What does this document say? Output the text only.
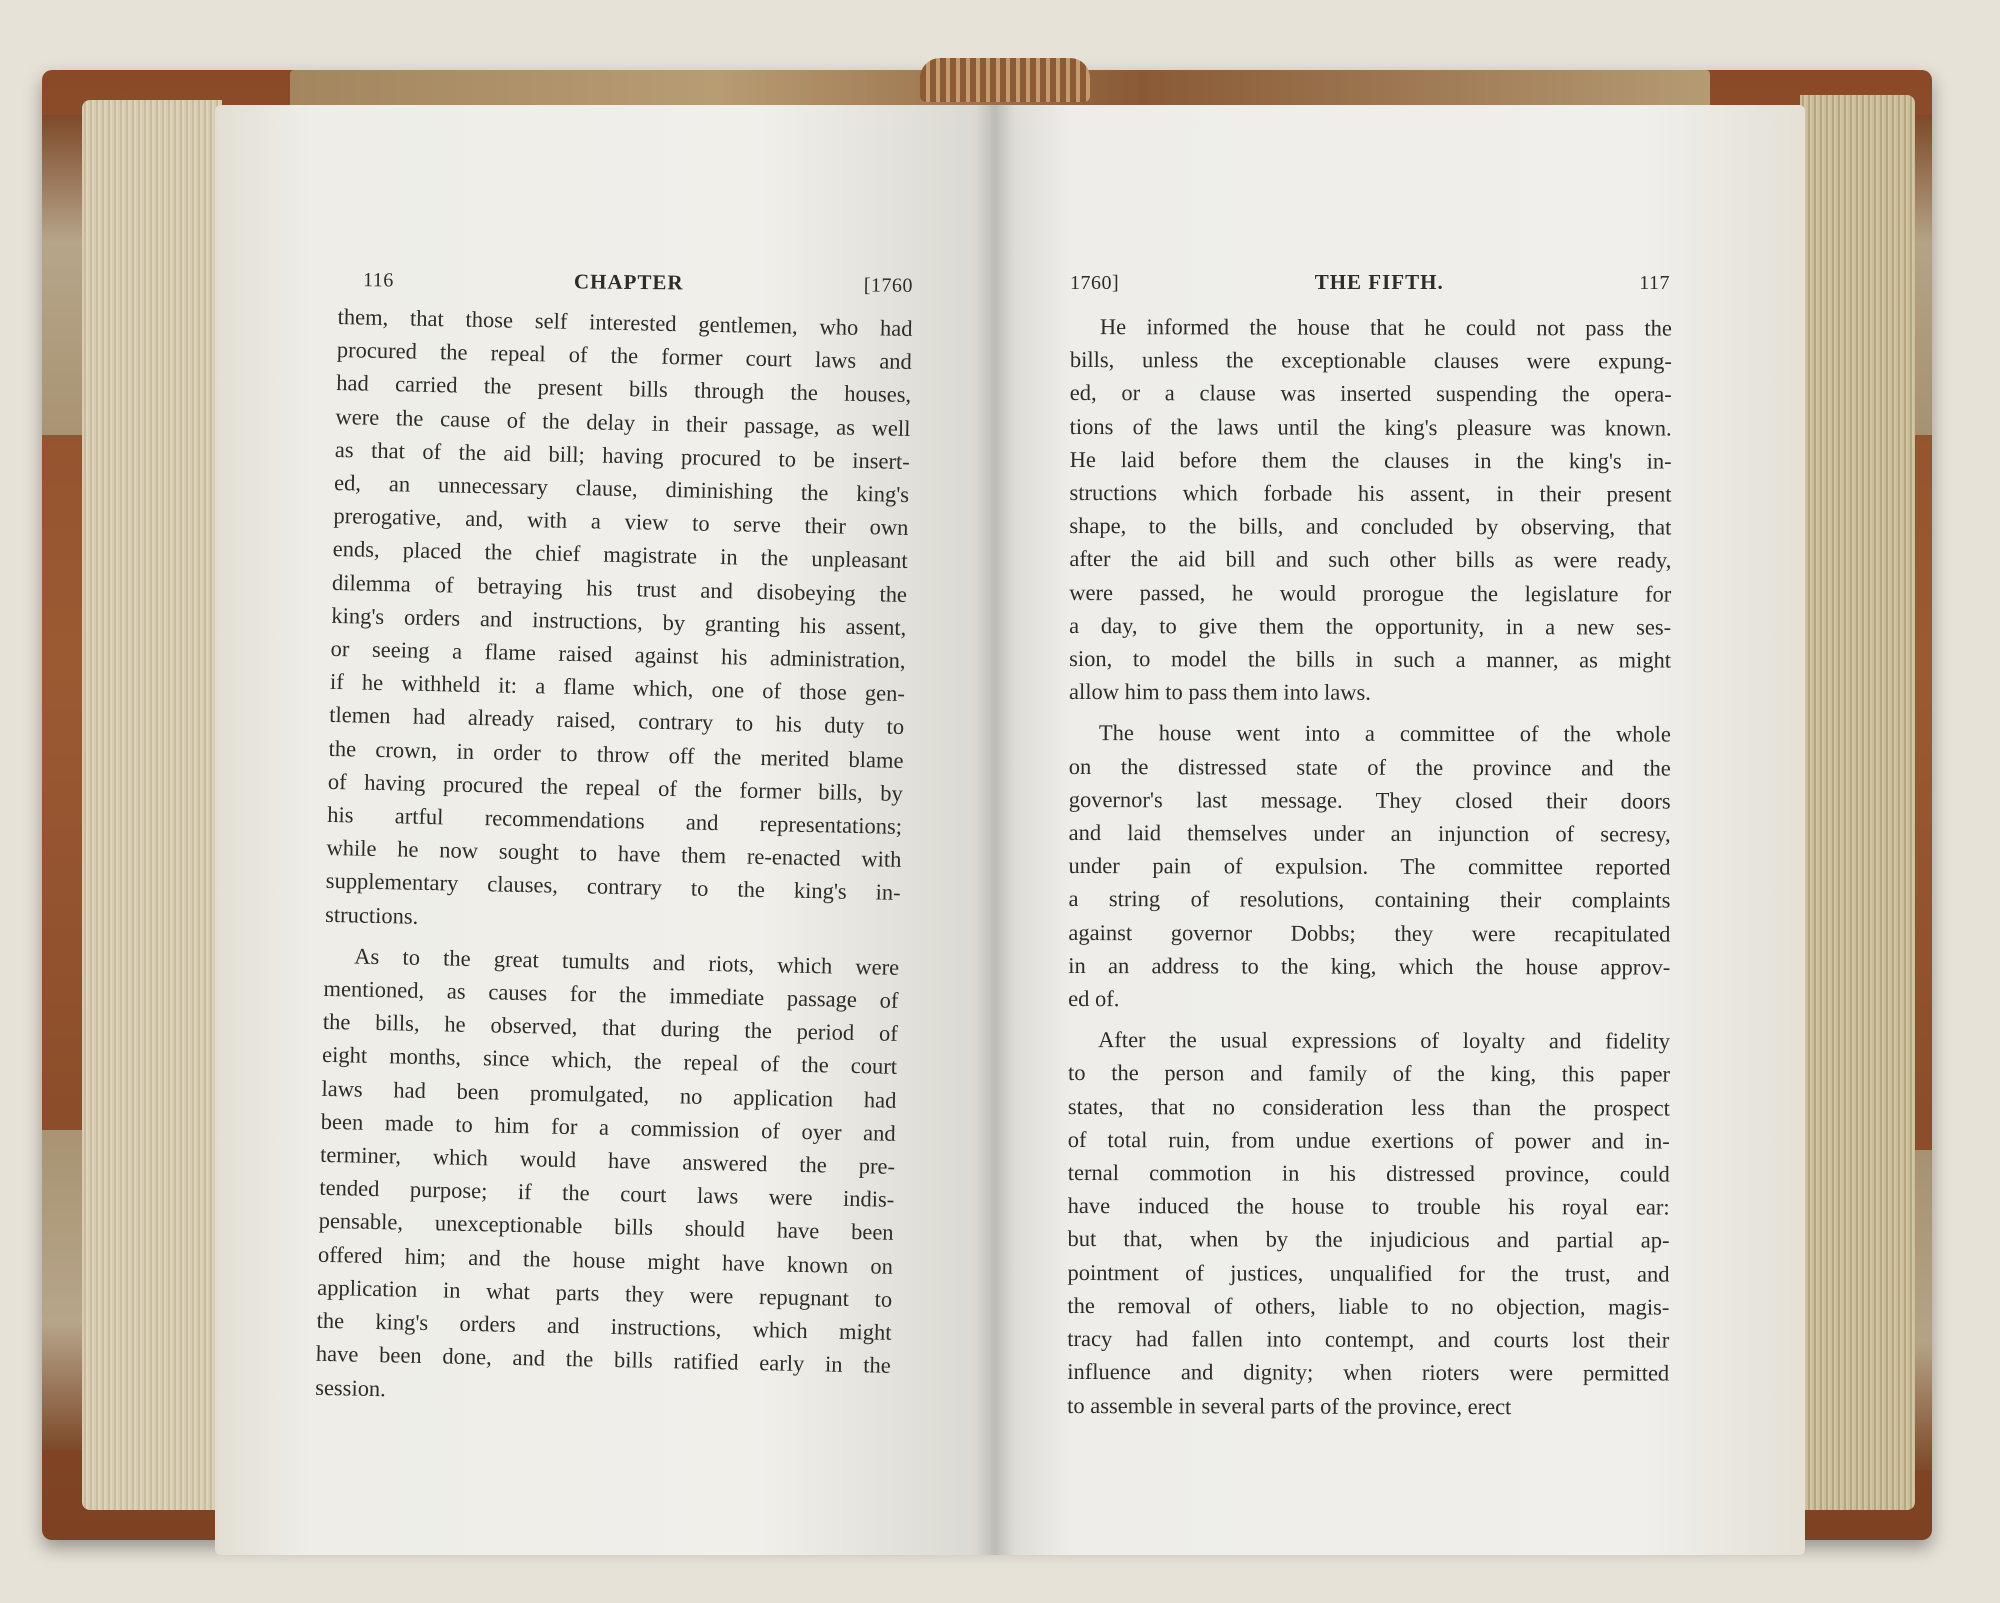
116	CHAPTER	[1760
them, that those self interested gentlemen, who had
procured the repeal of the former court laws and
had carried the present bills through the houses,
were the cause of the delay in their passage, as well
as that of the aid bill; having procured to be insert-
ed, an unnecessary clause, diminishing the king's
prerogative, and, with a view to serve their own
ends, placed the chief magistrate in the unpleasant
dilemma of betraying his trust and disobeying the
king's orders and instructions, by granting his assent,
or seeing a flame raised against his administration,
if he withheld it: a flame which, one of those gen-
tlemen had already raised, contrary to his duty to
the crown, in order to throw off the merited blame
of having procured the repeal of the former bills, by
his artful recommendations and representations;
while he now sought to have them re-enacted with
supplementary clauses, contrary to the king's in-
structions.
As to the great tumults and riots, which were
mentioned, as causes for the immediate passage of
the bills, he observed, that during the period of
eight months, since which, the repeal of the court
laws had been promulgated, no application had
been made to him for a commission of oyer and
terminer, which would have answered the pre-
tended purpose; if the court laws were indis-
pensable, unexceptionable bills should have been
offered him; and the house might have known on
application in what parts they were repugnant to
the king's orders and instructions, which might
have been done, and the bills ratified early in the
session.
1760]	THE FIFTH.	117
He informed the house that he could not pass the
bills, unless the exceptionable clauses were expung-
ed, or a clause was inserted suspending the opera-
tions of the laws until the king's pleasure was known.
He laid before them the clauses in the king's in-
structions which forbade his assent, in their present
shape, to the bills, and concluded by observing, that
after the aid bill and such other bills as were ready,
were passed, he would prorogue the legislature for
a day, to give them the opportunity, in a new ses-
sion, to model the bills in such a manner, as might
allow him to pass them into laws.
The house went into a committee of the whole
on the distressed state of the province and the
governor's last message. They closed their doors
and laid themselves under an injunction of secresy,
under pain of expulsion. The committee reported
a string of resolutions, containing their complaints
against governor Dobbs; they were recapitulated
in an address to the king, which the house approv-
ed of.
After the usual expressions of loyalty and fidelity
to the person and family of the king, this paper
states, that no consideration less than the prospect
of total ruin, from undue exertions of power and in-
ternal commotion in his distressed province, could
have induced the house to trouble his royal ear:
but that, when by the injudicious and partial ap-
pointment of justices, unqualified for the trust, and
the removal of others, liable to no objection, magis-
tracy had fallen into contempt, and courts lost their
influence and dignity; when rioters were permitted
to assemble in several parts of the province, erect
